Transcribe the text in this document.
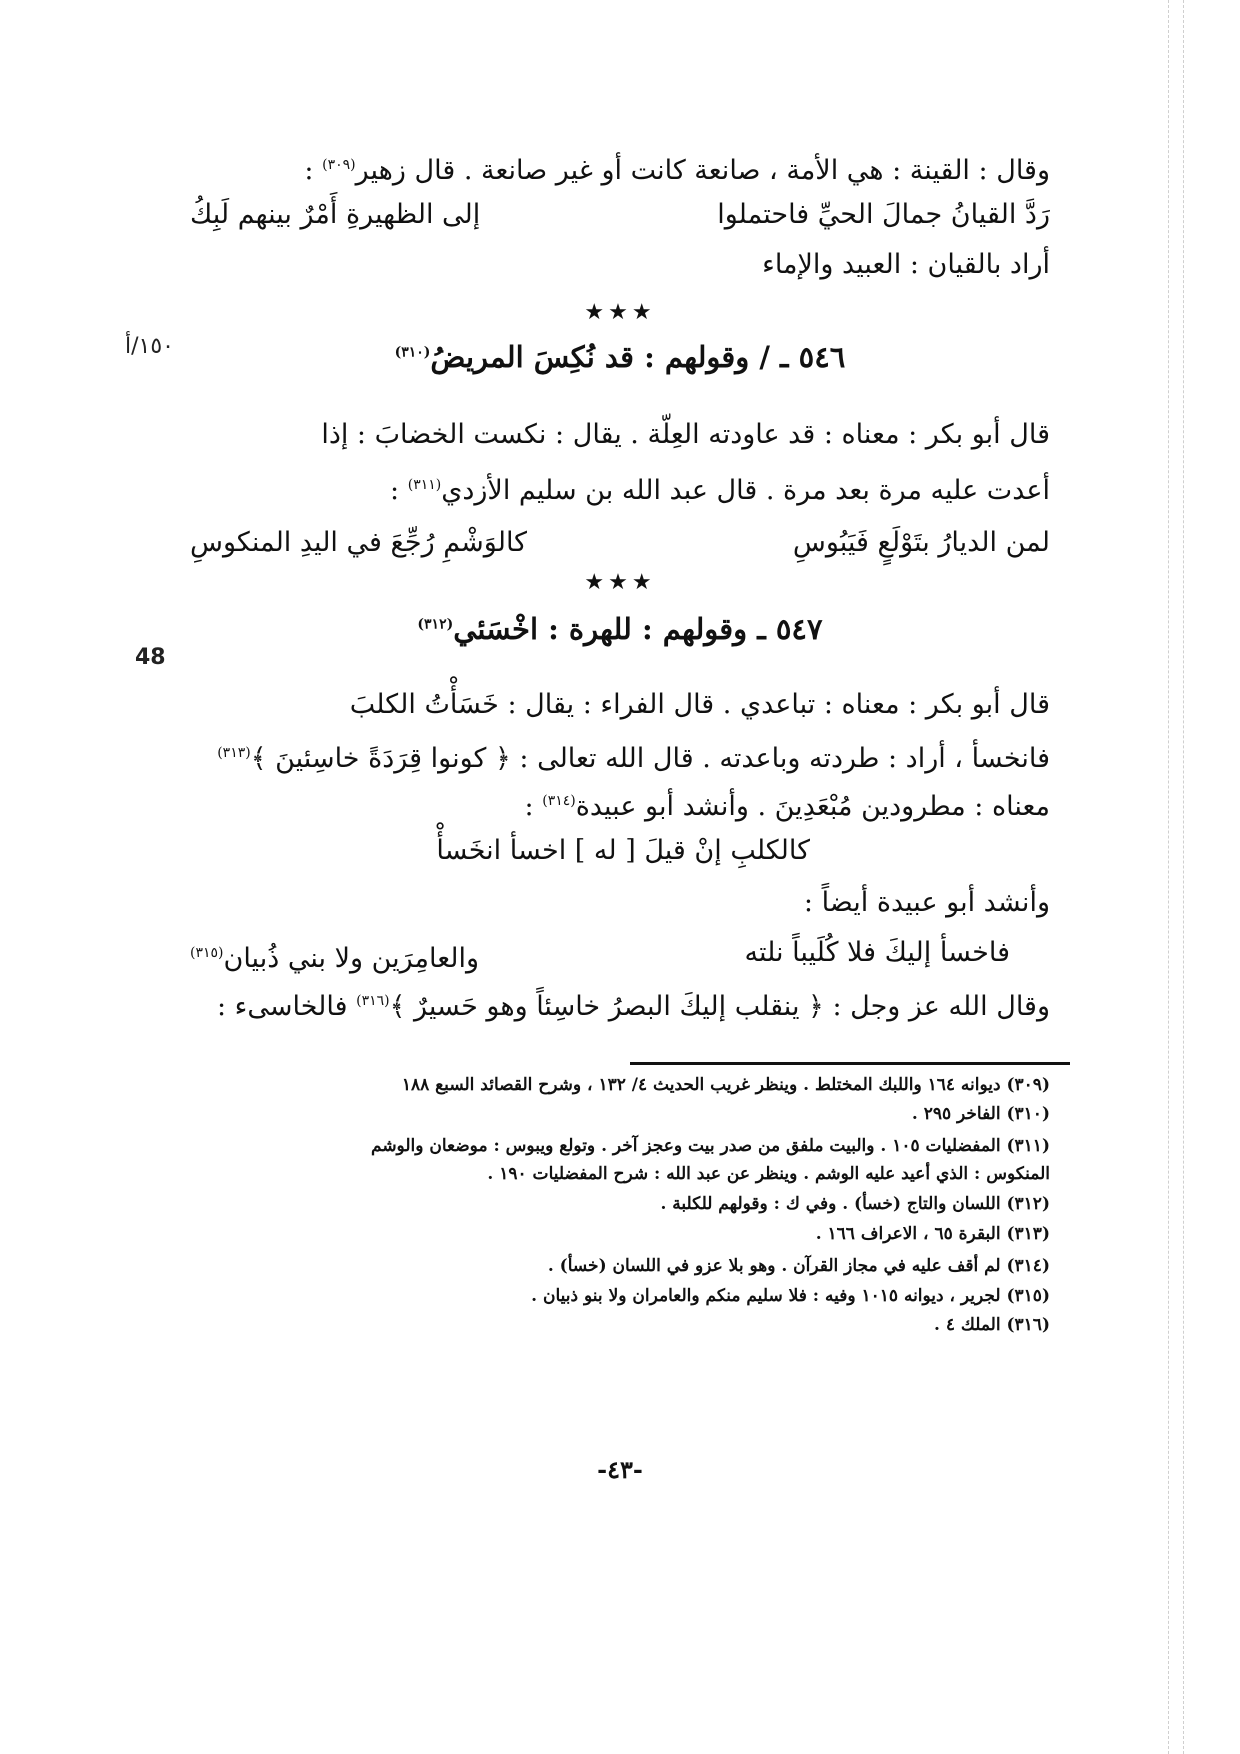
١٥٠/أ
48
وقال : القينة : هي الأمة ، صانعة كانت أو غير صانعة . قال زهير$^{(٣٠٩)}$ :
رَدَّ القيانُ جمالَ الحيِّ فاحتملوا
إلى الظهيرةِ أَمْرٌ بينهم لَبِكُ
أراد بالقيان : العبيد والإماء
★★★
٥٤٦ ـ / وقولهم : قد نُكِسَ المريضُ$^{(٣١٠)}$
قال أبو بكر : معناه : قد عاودته العِلّة . يقال : نكست الخضابَ : إذا
أعدت عليه مرة بعد مرة . قال عبد الله بن سليم الأزدي$^{(٣١١)}$ :
لمن الديارُ بتَوْلَعٍ فَيَبُوسِ
كالوَشْمِ رُجِّعَ في اليدِ المنكوسِ
★★★
٥٤٧ ـ وقولهم : للهرة : اخْسَئي$^{(٣١٢)}$
قال أبو بكر : معناه : تباعدي . قال الفراء : يقال : خَسَأْتُ الكلبَ
فانخسأ ، أراد : طردته وباعدته . قال الله تعالى : ﴿ كونوا قِرَدَةً خاسِئينَ ﴾$^{(٣١٣)}$
معناه : مطرودين مُبْعَدِينَ . وأنشد أبو عبيدة$^{(٣١٤)}$ :
كالكلبِ إنْ قيلَ [ له ] اخسأ انخَسأْ
وأنشد أبو عبيدة أيضاً :
فاخسأ إليكَ فلا كُلَيباً نلته
والعامِرَين ولا بني ذُبيان$^{(٣١٥)}$
وقال الله عز وجل : ﴿ ينقلب إليكَ البصرُ خاسِئاً وهو حَسيرٌ ﴾$^{(٣١٦)}$ فالخاسىء :
(٣٠٩) ديوانه ١٦٤ واللبك المختلط . وينظر غريب الحديث ٤/ ١٣٢ ، وشرح القصائد السبع ١٨٨
(٣١٠) الفاخر ٢٩٥ .
(٣١١) المفضليات ١٠٥ . والبيت ملفق من صدر بيت وعجز آخر . وتولع ويبوس : موضعان والوشم
المنكوس : الذي أعيد عليه الوشم . وينظر عن عبد الله : شرح المفضليات ١٩٠ .
(٣١٢) اللسان والتاج (خسأ) . وفي ك : وقولهم للكلبة .
(٣١٣) البقرة ٦٥ ، الاعراف ١٦٦ .
(٣١٤) لم أقف عليه في مجاز القرآن . وهو بلا عزو في اللسان (خسأ) .
(٣١٥) لجرير ، ديوانه ١٠١٥ وفيه : فلا سليم منكم والعامران ولا بنو ذبيان .
(٣١٦) الملك ٤ .
-٤٣-
